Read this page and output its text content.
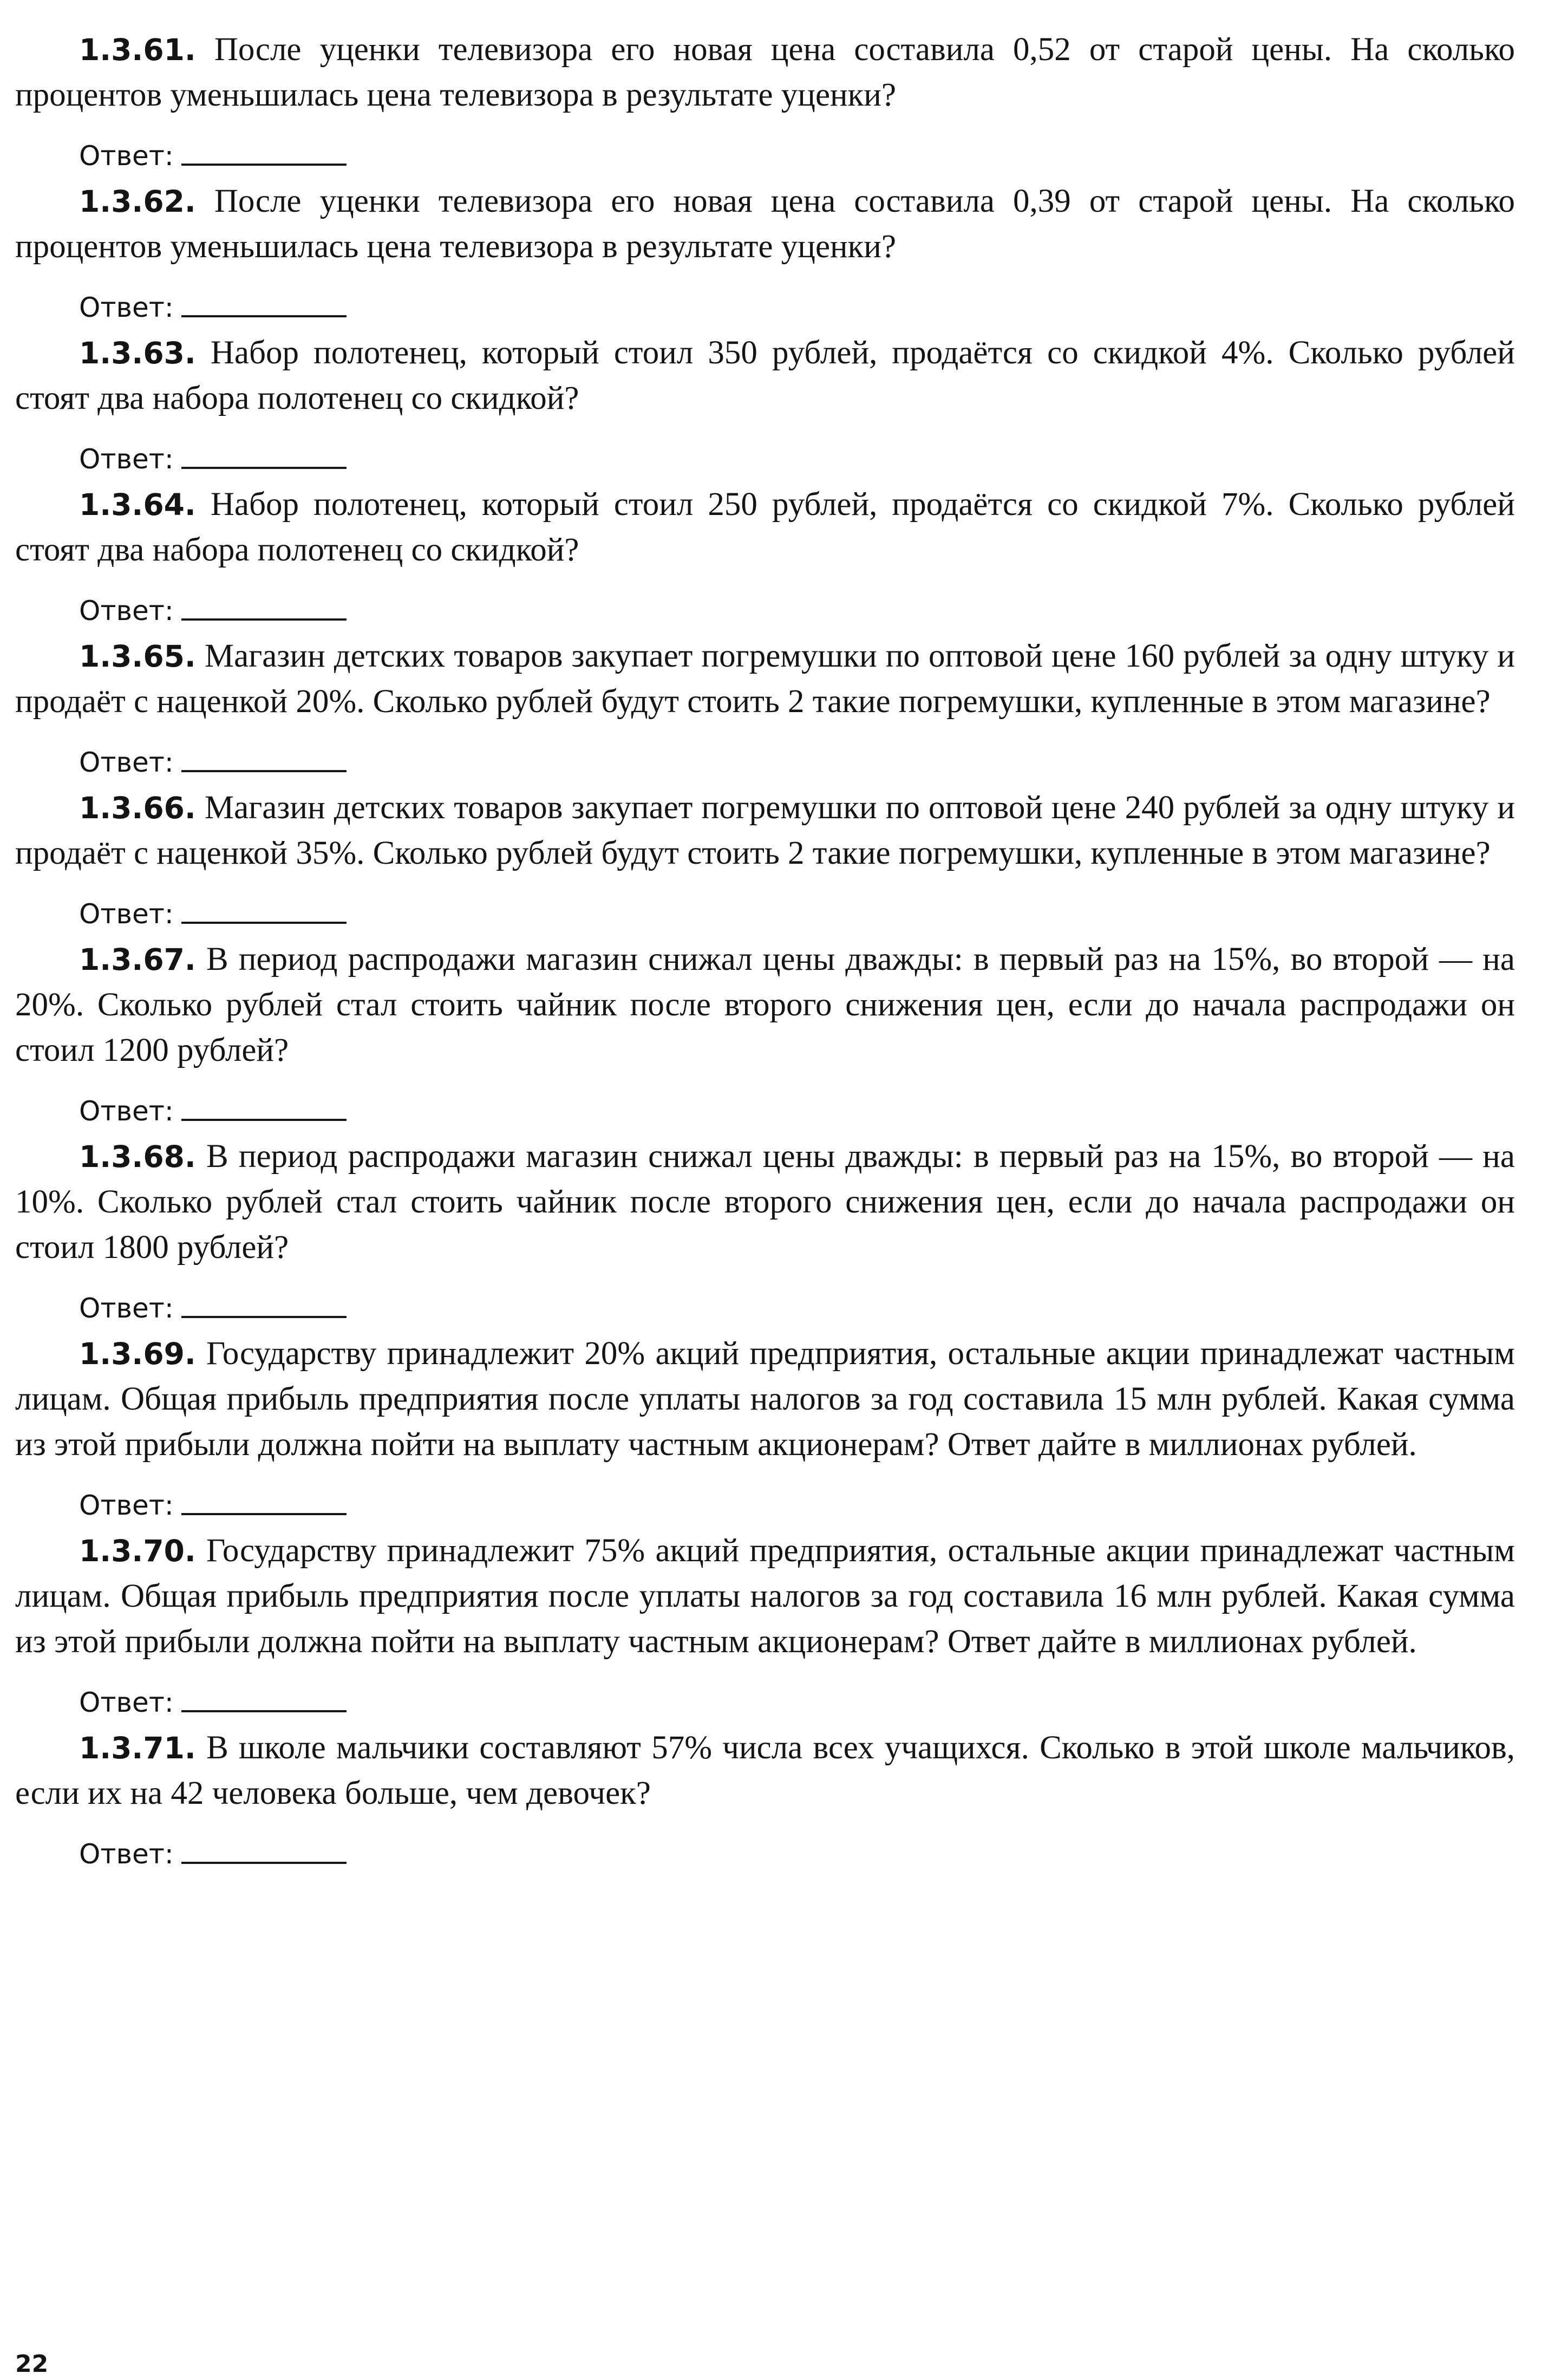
1.3.61. После уценки телевизора его новая цена составила 0,52 от старой цены. На сколько процентов уменьшилась цена телевизора в результате уценки?

Ответ:

1.3.62. После уценки телевизора его новая цена составила 0,39 от старой цены. На сколько процентов уменьшилась цена телевизора в результате уценки?

Ответ:

1.3.63. Набор полотенец, который стоил 350 рублей, продаётся со скидкой 4%. Сколько рублей стоят два набора полотенец со скидкой?

Ответ:

1.3.64. Набор полотенец, который стоил 250 рублей, продаётся со скидкой 7%. Сколько рублей стоят два набора полотенец со скидкой?

Ответ:

1.3.65. Магазин детских товаров закупает погремушки по оптовой цене 160 рублей за одну штуку и продаёт с наценкой 20%. Сколько рублей будут стоить 2 такие погремушки, купленные в этом магазине?

Ответ:

1.3.66. Магазин детских товаров закупает погремушки по оптовой цене 240 рублей за одну штуку и продаёт с наценкой 35%. Сколько рублей будут стоить 2 такие погремушки, купленные в этом магазине?

Ответ:

1.3.67. В период распродажи магазин снижал цены дважды: в первый раз на 15%, во второй — на 20%. Сколько рублей стал стоить чайник после второго снижения цен, если до начала распродажи он стоил 1200 рублей?

Ответ:

1.3.68. В период распродажи магазин снижал цены дважды: в первый раз на 15%, во второй — на 10%. Сколько рублей стал стоить чайник после второго снижения цен, если до начала распродажи он стоил 1800 рублей?

Ответ:

1.3.69. Государству принадлежит 20% акций предприятия, остальные акции принадлежат частным лицам. Общая прибыль предприятия после уплаты налогов за год составила 15 млн рублей. Какая сумма из этой прибыли должна пойти на выплату частным акционерам? Ответ дайте в миллионах рублей.

Ответ:

1.3.70. Государству принадлежит 75% акций предприятия, остальные акции принадлежат частным лицам. Общая прибыль предприятия после уплаты налогов за год составила 16 млн рублей. Какая сумма из этой прибыли должна пойти на выплату частным акционерам? Ответ дайте в миллионах рублей.

Ответ:

1.3.71. В школе мальчики составляют 57% числа всех учащихся. Сколько в этой школе мальчиков, если их на 42 человека больше, чем девочек?

Ответ:
22
